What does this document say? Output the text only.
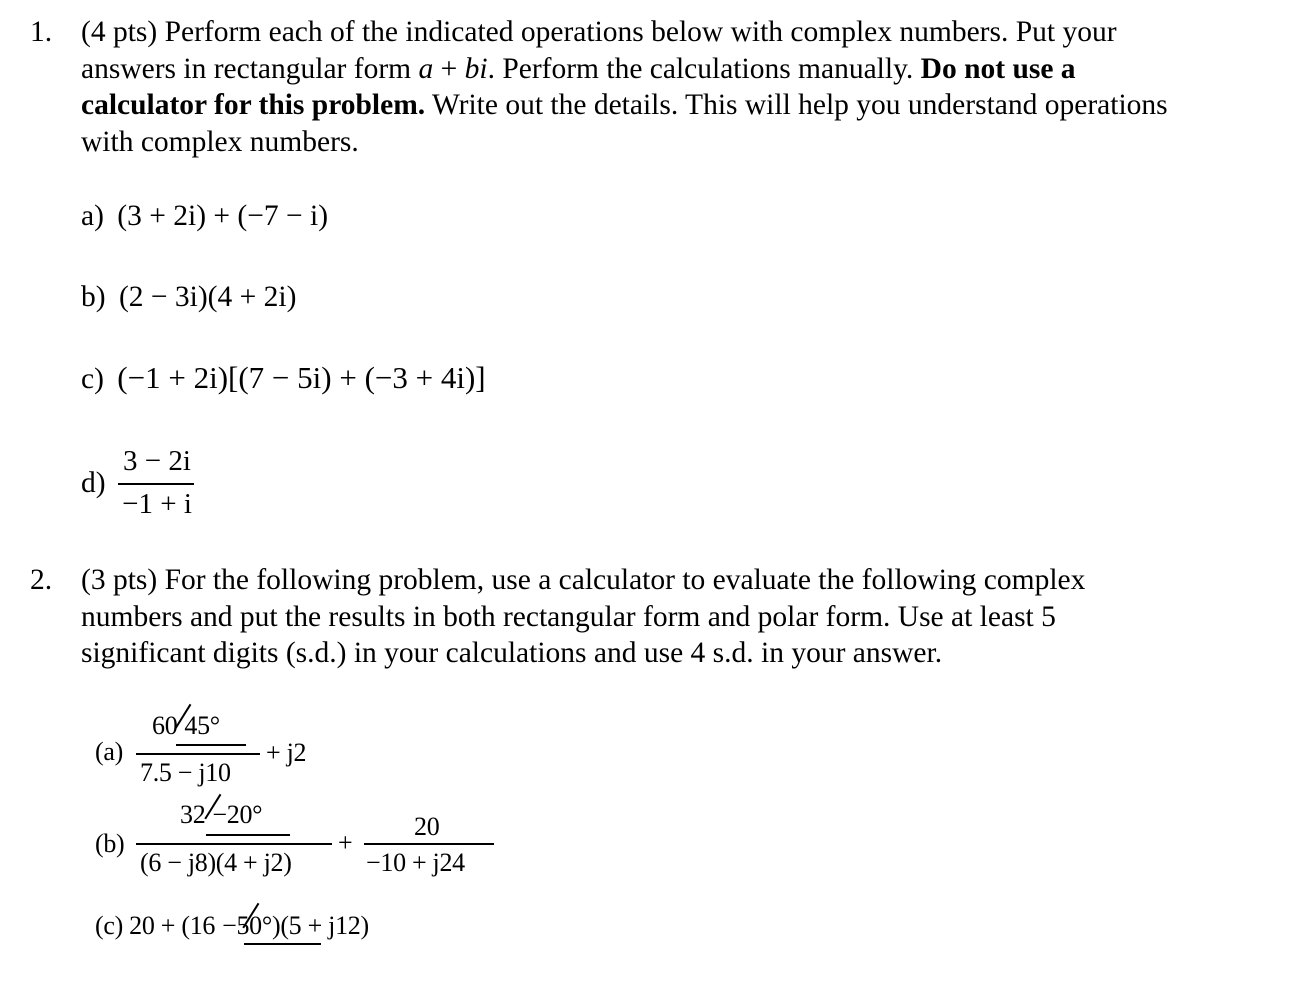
1. (4 pts) Perform each of the indicated operations below with complex numbers. Put your
answers in rectangular form a + bi. Perform the calculations manually. Do not use a
calculator for this problem. Write out the details. This will help you understand operations
with complex numbers.
a) (3 + 2i) + (−7 − i)
b) (2 − 3i)(4 + 2i)
c) (−1 + 2i)[(7 − 5i) + (−3 + 4i)]
d)
3 − 2i
−1 + i
2. (3 pts) For the following problem, use a calculator to evaluate the following complex
numbers and put the results in both rectangular form and polar form. Use at least 5
significant digits (s.d.) in your calculations and use 4 s.d. in your answer.
(a)
60 45°
7.5 − j10
+ j2
(b)
32 −20°
(6 − j8)(4 + j2)
+
20
−10 + j24
(c) 20 + (16 −50°)(5 + j12)
